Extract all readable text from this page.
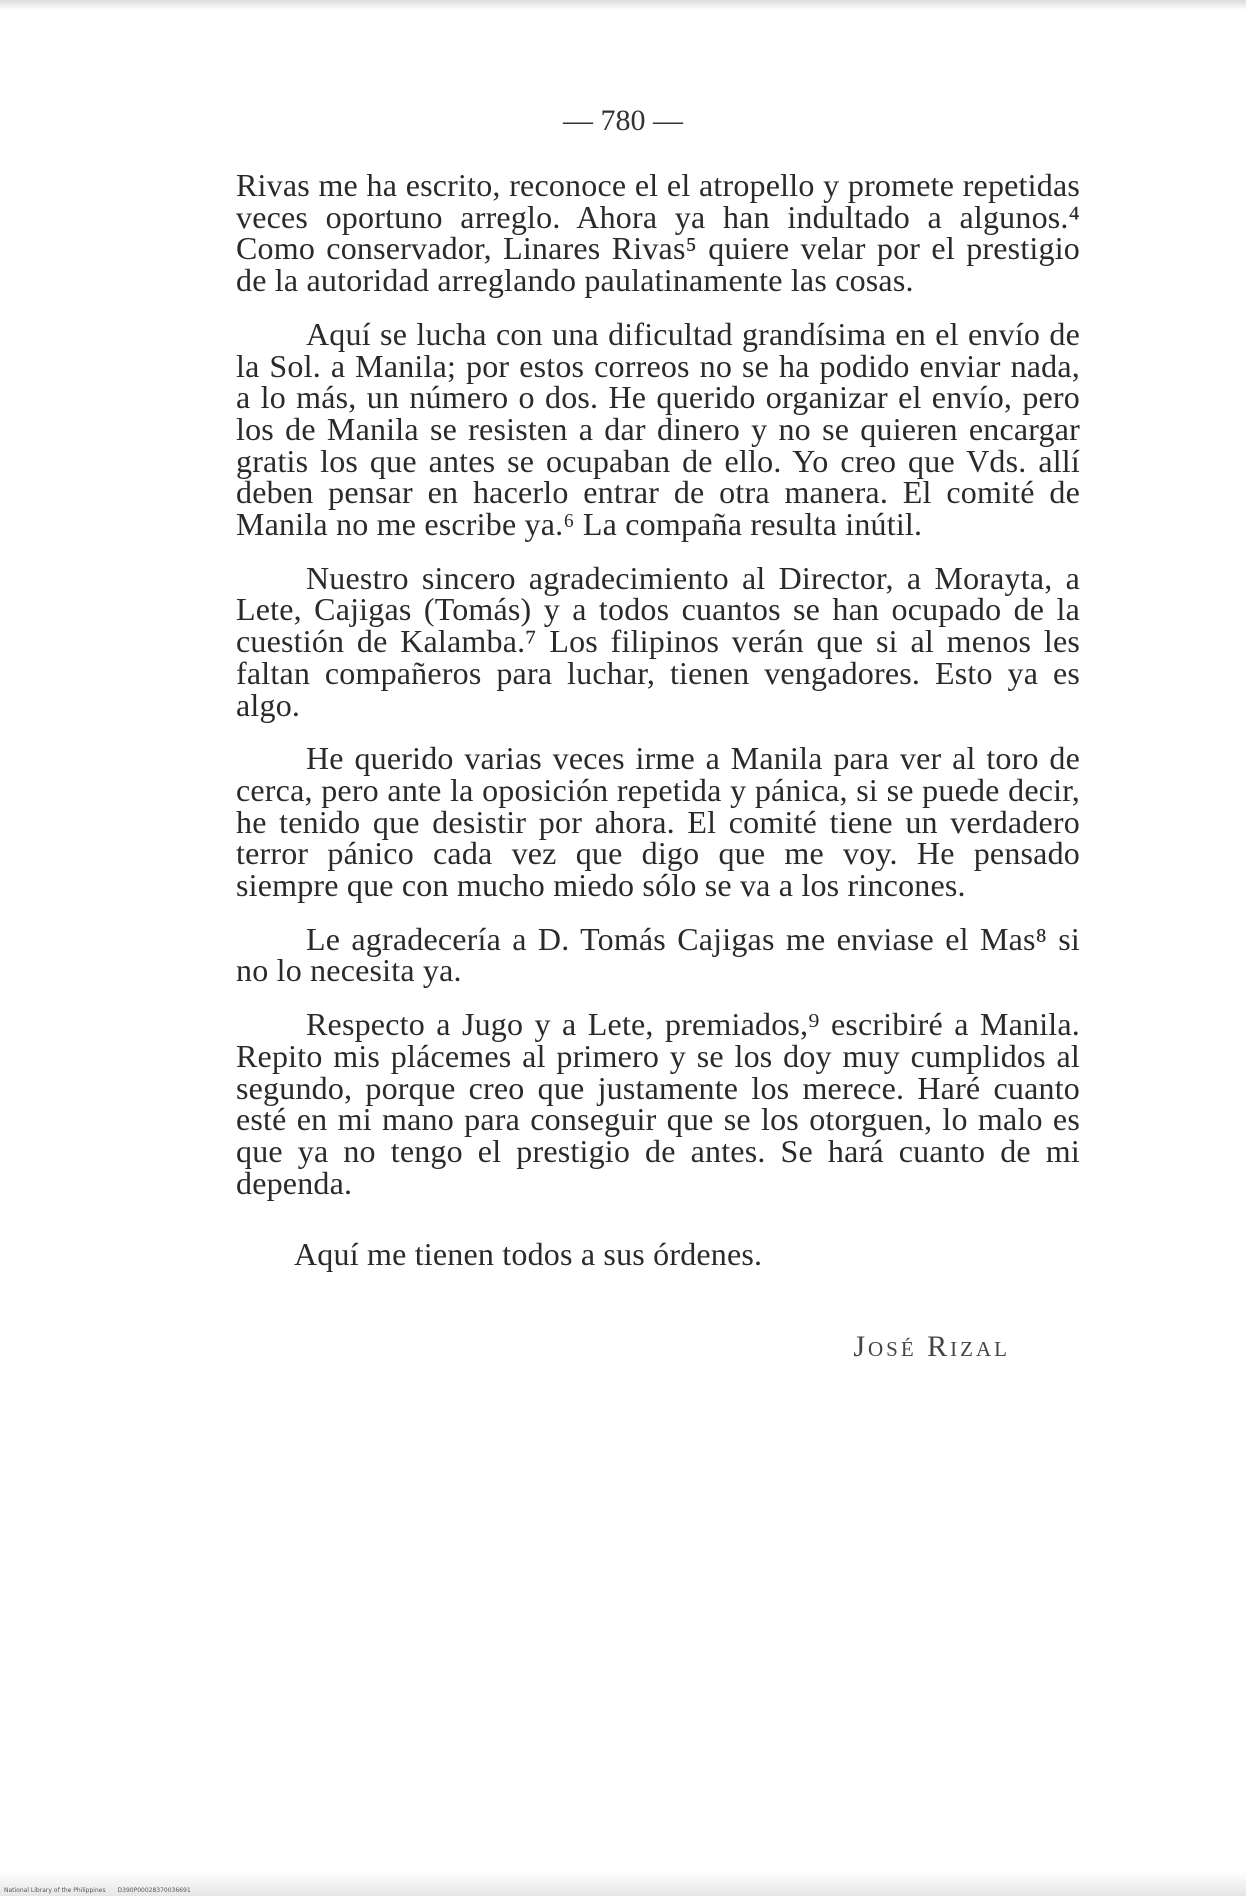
— 780 —

Rivas me ha escrito, reconoce el el atropello y promete repetidas veces oportuno arreglo. Ahora ya han indultado a algunos.⁴ Como conservador, Linares Rivas⁵ quiere velar por el prestigio de la autoridad arreglando paulatinamente las cosas.

Aquí se lucha con una dificultad grandísima en el envío de la Sol. a Manila; por estos correos no se ha podido enviar nada, a lo más, un número o dos. He querido organizar el envío, pero los de Manila se resisten a dar dinero y no se quieren encargar gratis los que antes se ocupaban de ello. Yo creo que Vds. allí deben pensar en hacerlo entrar de otra manera. El comité de Manila no me escribe ya.⁶ La compaña resulta inútil.

Nuestro sincero agradecimiento al Director, a Morayta, a Lete, Cajigas (Tomás) y a todos cuantos se han ocupado de la cuestión de Kalamba.⁷ Los filipinos verán que si al menos les faltan compañeros para luchar, tienen vengadores. Esto ya es algo.

He querido varias veces irme a Manila para ver al toro de cerca, pero ante la oposición repetida y pánica, si se puede decir, he tenido que desistir por ahora. El comité tiene un verdadero terror pánico cada vez que digo que me voy. He pensado siempre que con mucho miedo sólo se va a los rincones.

Le agradecería a D. Tomás Cajigas me enviase el Mas⁸ si no lo necesita ya.

Respecto a Jugo y a Lete, premiados,⁹ escribiré a Manila. Repito mis plácemes al primero y se los doy muy cumplidos al segundo, porque creo que justamente los merece. Haré cuanto esté en mi mano para conseguir que se los otorguen, lo malo es que ya no tengo el prestigio de antes. Se hará cuanto de mi dependa.

Aquí me tienen todos a sus órdenes.

José Rizal
National Library of the Philippines D390P00028370036691
